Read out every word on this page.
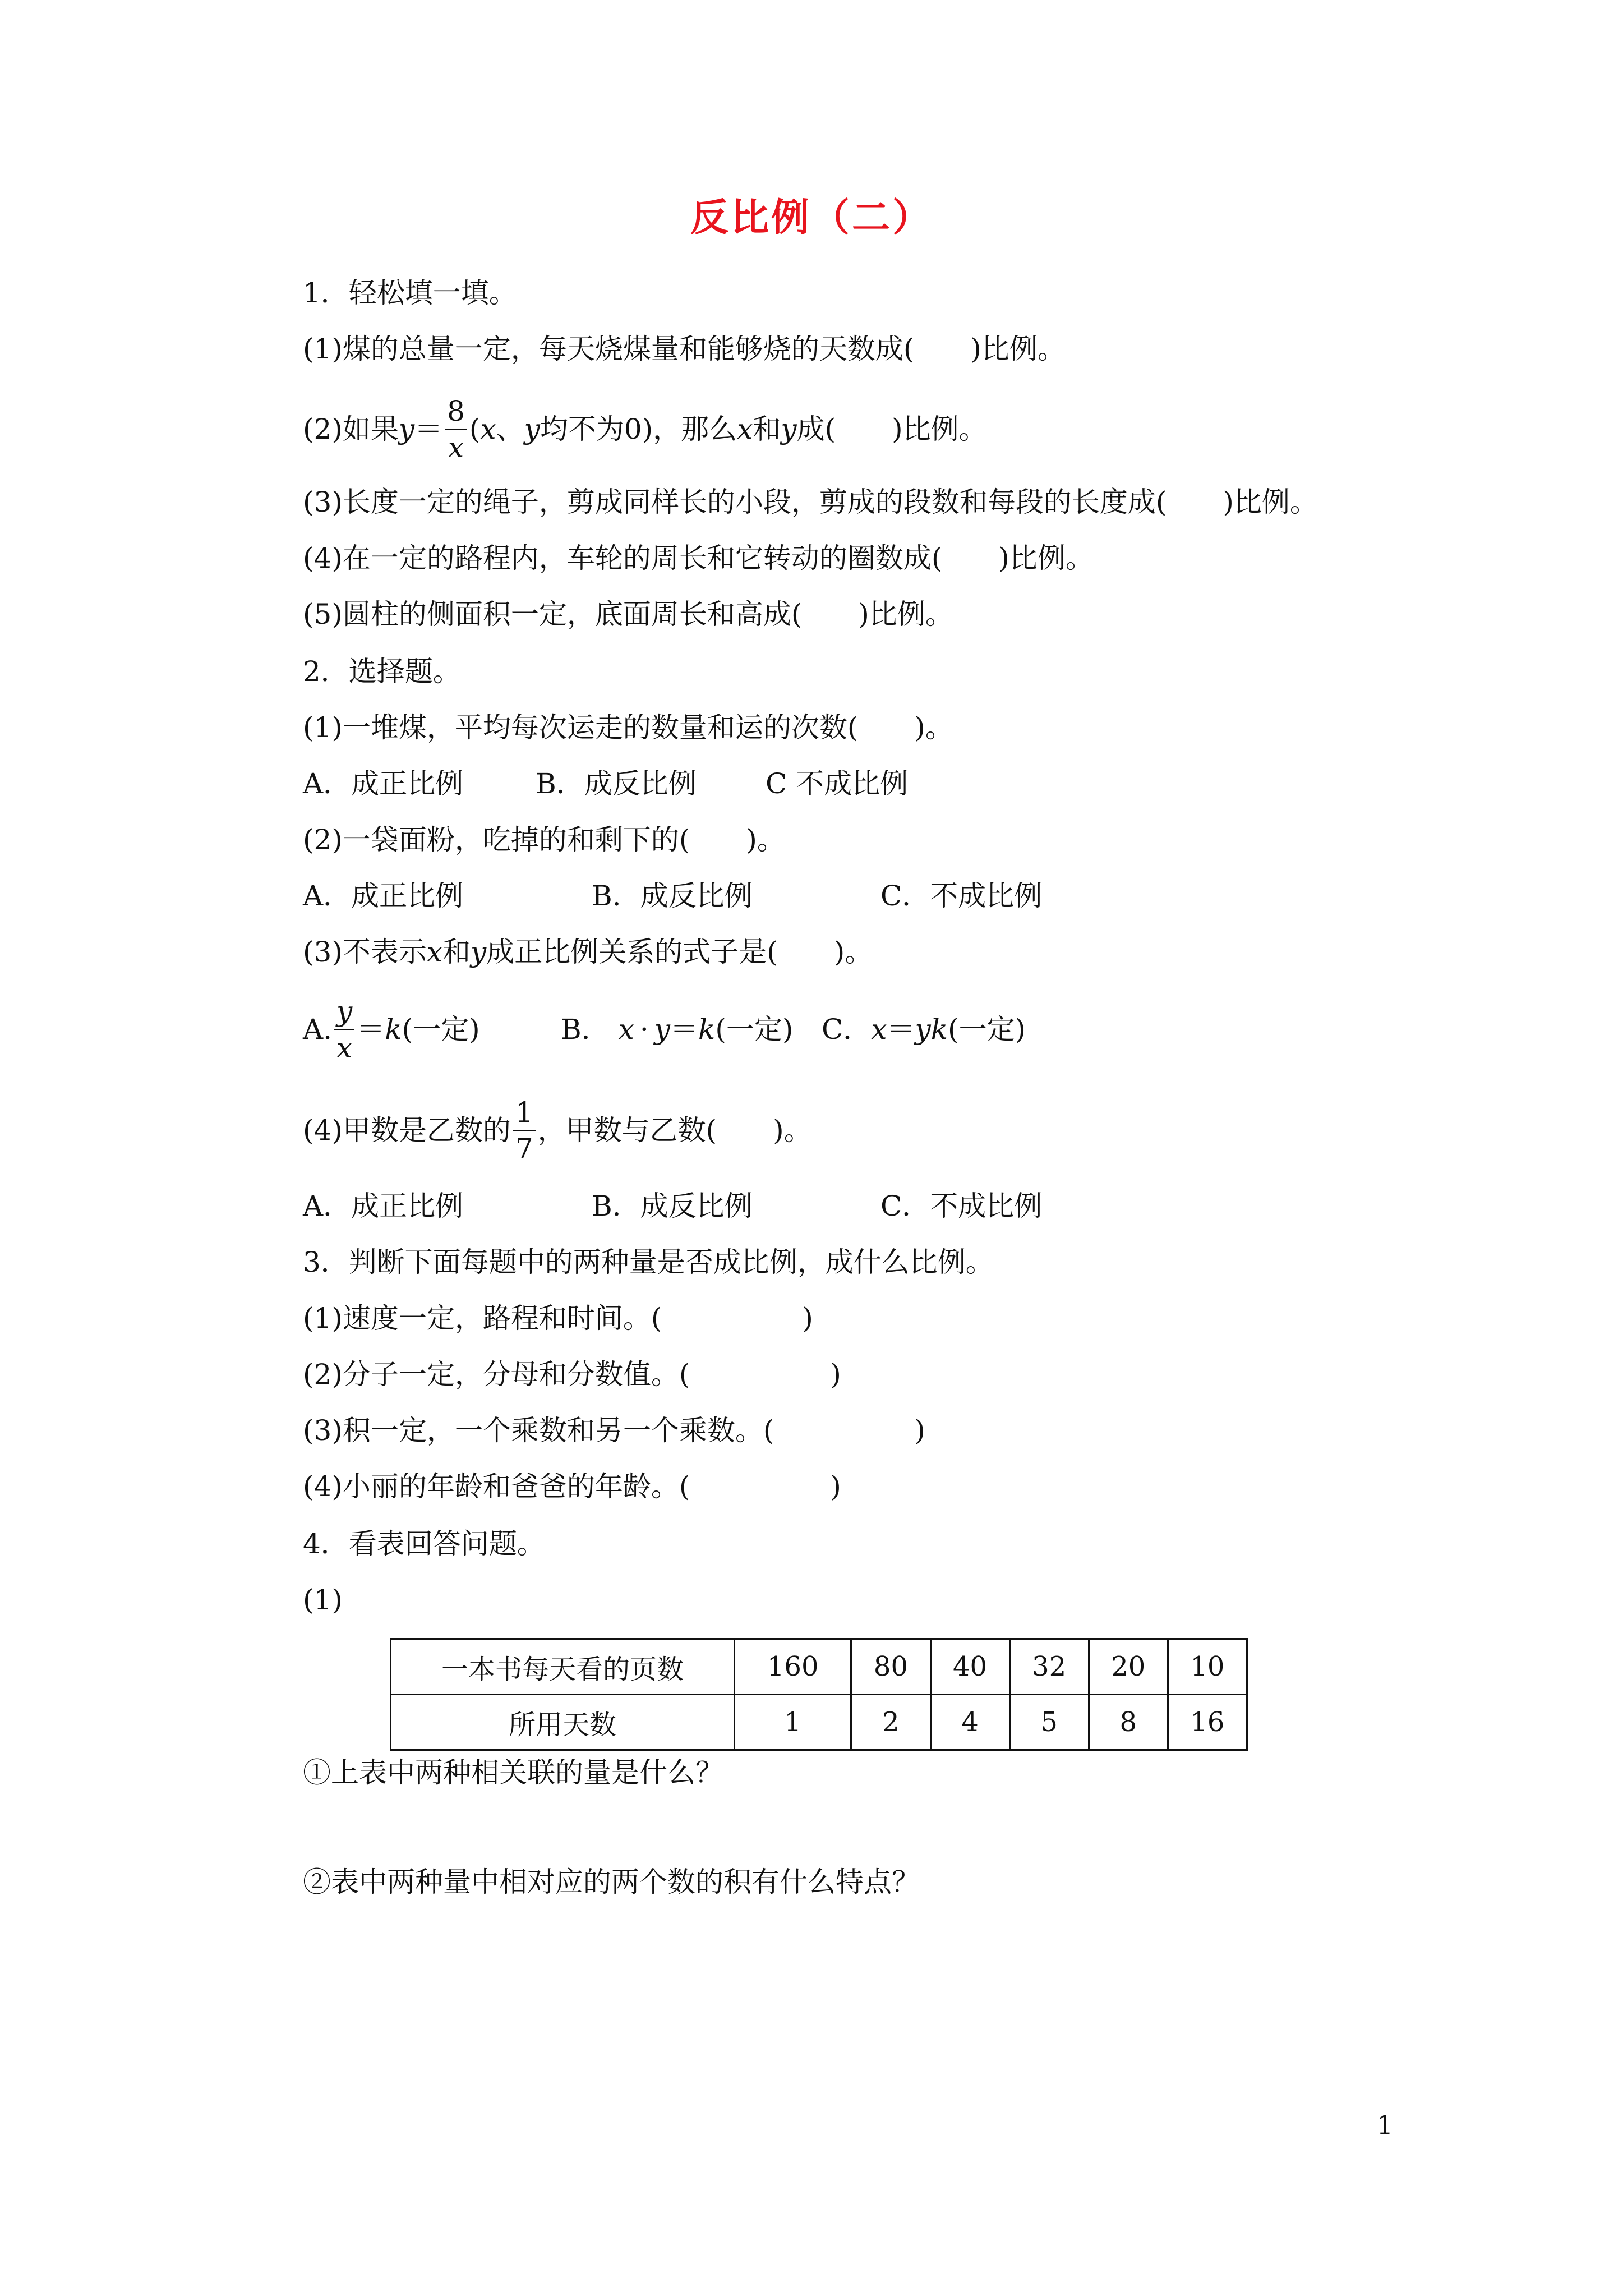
反比例（二）
1．轻松填一填。
(1)煤的总量一定，每天烧煤量和能够烧的天数成(　　)比例。
(2)如果 $y = \frac{8}{x}$ ( x 、 y 均不为0)，那么 x 和 y 成(　　)比例。
(3)长度一定的绳子，剪成同样长的小段，剪成的段数和每段的长度成(　　)比例。
(4)在一定的路程内，车轮的周长和它转动的圈数成(　　)比例。
(5)圆柱的侧面积一定，底面周长和高成(　　)比例。
2．选择题。
(1)一堆煤，平均每次运走的数量和运的次数(　　)。
A．成正比例	B．成反比例 C 不成比例
(2)一袋面粉，吃掉的和剩下的(　　)。
A．成正比例	B．成反比例	C．不成比例
(3)不表示x和y成正比例关系的式子是(　　)。
A. $\frac{y}{x} = k$ (一定)	B． x · y＝k(一定) C．x＝yk(一定)
(4)甲数是乙数的 $\frac{1}{7}$ ，甲数与乙数(　　)。
A．成正比例	B．成反比例	C．不成比例
3．判断下面每题中的两种量是否成比例，成什么比例。
(1)速度一定，路程和时间。(　　　　　)
(2)分子一定，分母和分数值。(　　　　　)
(3)积一定，一个乘数和另一个乘数。(　　　　　)
(4)小丽的年龄和爸爸的年龄。(　　　　　)
4．看表回答问题。
(1)
一本书每天看的页数	160	80	40	32	20	10
所用天数	1	2	4	5	8	16
①上表中两种相关联的量是什么？
②表中两种量中相对应的两个数的积有什么特点？
1
